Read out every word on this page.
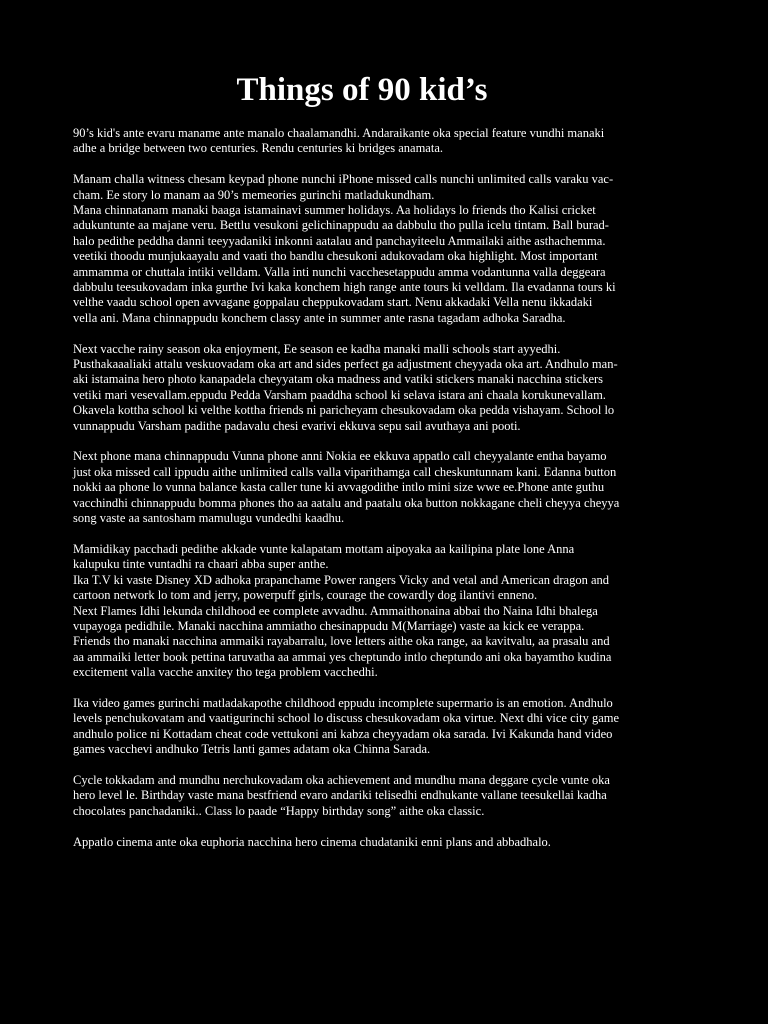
Things of 90 kid’s

90’s kid's ante evaru maname ante manalo chaalamandhi. Andaraikante oka special feature vundhi manaki
adhe a bridge between two centuries. Rendu centuries ki bridges anamata.

Manam challa witness chesam keypad phone nunchi iPhone missed calls nunchi unlimited calls varaku vac-
cham. Ee story lo manam aa 90’s memeories gurinchi matladukundham.
Mana chinnatanam manaki baaga istamainavi summer holidays. Aa holidays lo friends tho Kalisi cricket
adukuntunte aa majane veru. Bettlu vesukoni gelichinappudu aa dabbulu tho pulla icelu tintam. Ball burad-
halo pedithe peddha danni teeyyadaniki inkonni aatalau and panchayiteelu Ammailaki aithe asthachemma.
veetiki thoodu munjukaayalu and vaati tho bandlu chesukoni adukovadam oka highlight. Most important
ammamma or chuttala intiki velldam. Valla inti nunchi vacchesetappudu amma vodantunna valla deggeara
dabbulu teesukovadam inka gurthe Ivi kaka konchem high range ante tours ki velldam. Ila evadanna tours ki
velthe vaadu school open avvagane goppalau cheppukovadam start. Nenu akkadaki Vella nenu ikkadaki
vella ani. Mana chinnappudu konchem classy ante in summer ante rasna tagadam adhoka Saradha.

Next vacche rainy season oka enjoyment, Ee season ee kadha manaki malli schools start ayyedhi.
Pusthakaaaliaki attalu veskuovadam oka art and sides perfect ga adjustment cheyyada oka art. Andhulo man-
aki istamaina hero photo kanapadela cheyyatam oka madness and vatiki stickers manaki nacchina stickers
vetiki mari vesevallam.eppudu Pedda Varsham paaddha school ki selava istara ani chaala korukunevallam.
Okavela kottha school ki velthe kottha friends ni paricheyam chesukovadam oka pedda vishayam. School lo
vunnappudu Varsham padithe padavalu chesi evarivi ekkuva sepu sail avuthaya ani pooti.

Next phone mana chinnappudu Vunna phone anni Nokia ee ekkuva appatlo call cheyyalante entha bayamo
just oka missed call ippudu aithe unlimited calls valla viparithamga call cheskuntunnam kani. Edanna button
nokki aa phone lo vunna balance kasta caller tune ki avvagodithe intlo mini size wwe ee.Phone ante guthu
vacchindhi chinnappudu bomma phones tho aa aatalu and paatalu oka button nokkagane cheli cheyya cheyya
song vaste aa santosham mamulugu vundedhi kaadhu.

Mamidikay pacchadi pedithe akkade vunte kalapatam mottam aipoyaka aa kailipina plate lone Anna
kalupuku tinte vuntadhi ra chaari abba super anthe.
Ika T.V ki vaste Disney XD adhoka prapanchame Power rangers Vicky and vetal and American dragon and
cartoon network lo tom and jerry, powerpuff girls, courage the cowardly dog ilantivi enneno.
Next Flames Idhi lekunda childhood ee complete avvadhu. Ammaithonaina abbai tho Naina Idhi bhalega
vupayoga pedidhile. Manaki nacchina ammiatho chesinappudu M(Marriage) vaste aa kick ee verappa.
Friends tho manaki nacchina ammaiki rayabarralu, love letters aithe oka range, aa kavitvalu, aa prasalu and
aa ammaiki letter book pettina taruvatha aa ammai yes cheptundo intlo cheptundo ani oka bayamtho kudina
excitement valla vacche anxitey tho tega problem vacchedhi.

Ika video games gurinchi matladakapothe childhood eppudu incomplete supermario is an emotion. Andhulo
levels penchukovatam and vaatigurinchi school lo discuss chesukovadam oka virtue. Next dhi vice city game
andhulo police ni Kottadam cheat code vettukoni ani kabza cheyyadam oka sarada. Ivi Kakunda hand video
games vacchevi andhuko Tetris lanti games adatam oka Chinna Sarada.

Cycle tokkadam and mundhu nerchukovadam oka achievement and mundhu mana deggare cycle vunte oka
hero level le. Birthday vaste mana bestfriend evaro andariki telisedhi endhukante vallane teesukellai kadha
chocolates panchadaniki.. Class lo paade “Happy birthday song” aithe oka classic.

Appatlo cinema ante oka euphoria nacchina hero cinema chudataniki enni plans and abbadhalo.
